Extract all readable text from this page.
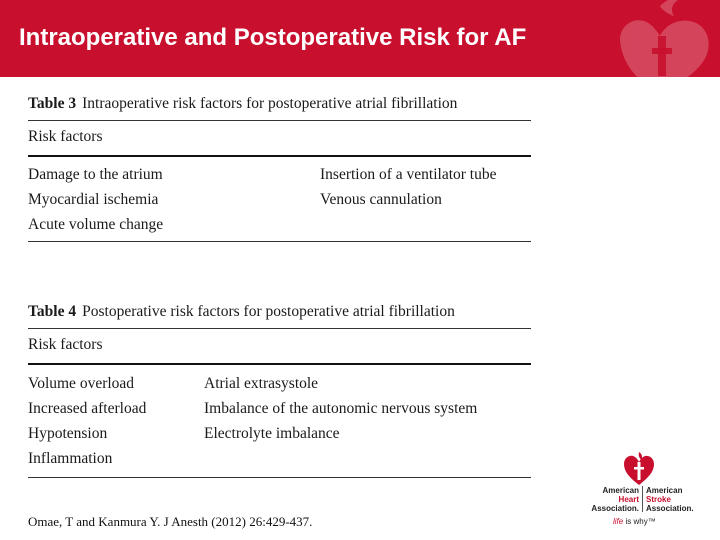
Intraoperative and Postoperative Risk for AF
Table 3 Intraoperative risk factors for postoperative atrial fibrillation
Risk factors
Damage to the atrium	Insertion of a ventilator tube
Myocardial ischemia	Venous cannulation
Acute volume change
Table 4 Postoperative risk factors for postoperative atrial fibrillation
Risk factors
Volume overload	Atrial extrasystole
Increased afterload	Imbalance of the autonomic nervous system
Hypotension	Electrolyte imbalance
Inflammation
Omae, T and Kanmura Y. J Anesth (2012) 26:429-437.
American
Heart
Association.
American
Stroke
Association.
life is why™
